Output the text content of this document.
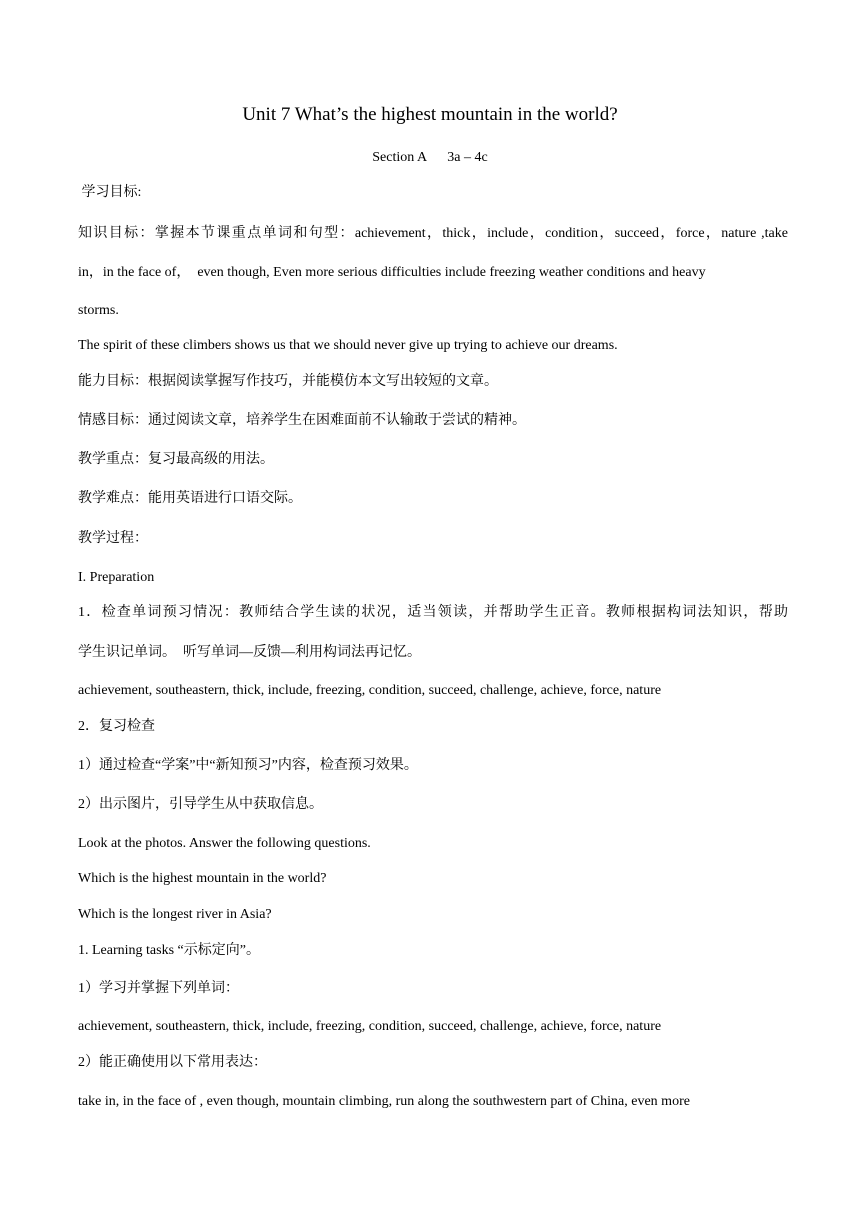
Unit 7 What’s the highest mountain in the world?
Section A      3a – 4c
学习目标:
知识目标：掌握本节课重点单词和句型：achievement，thick，include，condition，succeed，force，nature ,take
in，in the face of，  even though, Even more serious difficulties include freezing weather conditions and heavy
storms.
The spirit of these climbers shows us that we should never give up trying to achieve our dreams.
能力目标：根据阅读掌握写作技巧，并能模仿本文写出较短的文章。
情感目标：通过阅读文章，培养学生在困难面前不认输敢于尝试的精神。
教学重点：复习最高级的用法。
教学难点：能用英语进行口语交际。
教学过程：
I. Preparation
1．检查单词预习情况：教师结合学生读的状况，适当领读，并帮助学生正音。教师根据构词法知识，帮助
学生识记单词。  听写单词—反馈—利用构词法再记忆。
achievement, southeastern, thick, include, freezing, condition, succeed, challenge, achieve, force, nature
2．复习检查
1）通过检查“学案”中“新知预习”内容，检查预习效果。
2）出示图片，引导学生从中获取信息。
Look at the photos. Answer the following questions.
Which is the highest mountain in the world?
Which is the longest river in Asia?
1. Learning tasks “示标定向”。
1）学习并掌握下列单词：
achievement, southeastern, thick, include, freezing, condition, succeed, challenge, achieve, force, nature
2）能正确使用以下常用表达：
take in, in the face of , even though, mountain climbing, run along the southwestern part of China, even more
